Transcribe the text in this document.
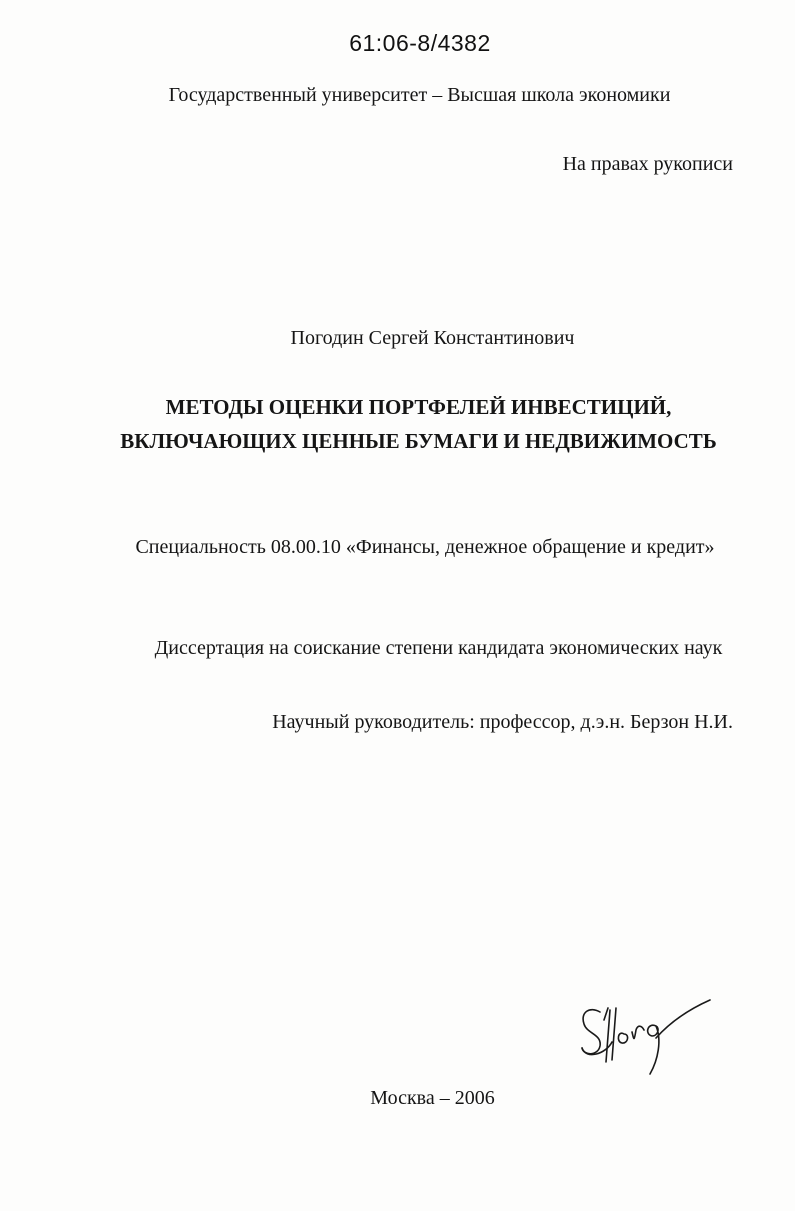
61:06-8/4382
Государственный университет – Высшая школа экономики
На правах рукописи
Погодин Сергей Константинович
МЕТОДЫ ОЦЕНКИ ПОРТФЕЛЕЙ ИНВЕСТИЦИЙ,
ВКЛЮЧАЮЩИХ ЦЕННЫЕ БУМАГИ И НЕДВИЖИМОСТЬ
Специальность 08.00.10 «Финансы, денежное обращение и кредит»
Диссертация на соискание степени кандидата экономических наук
Научный руководитель: профессор, д.э.н. Берзон Н.И.
Москва – 2006
